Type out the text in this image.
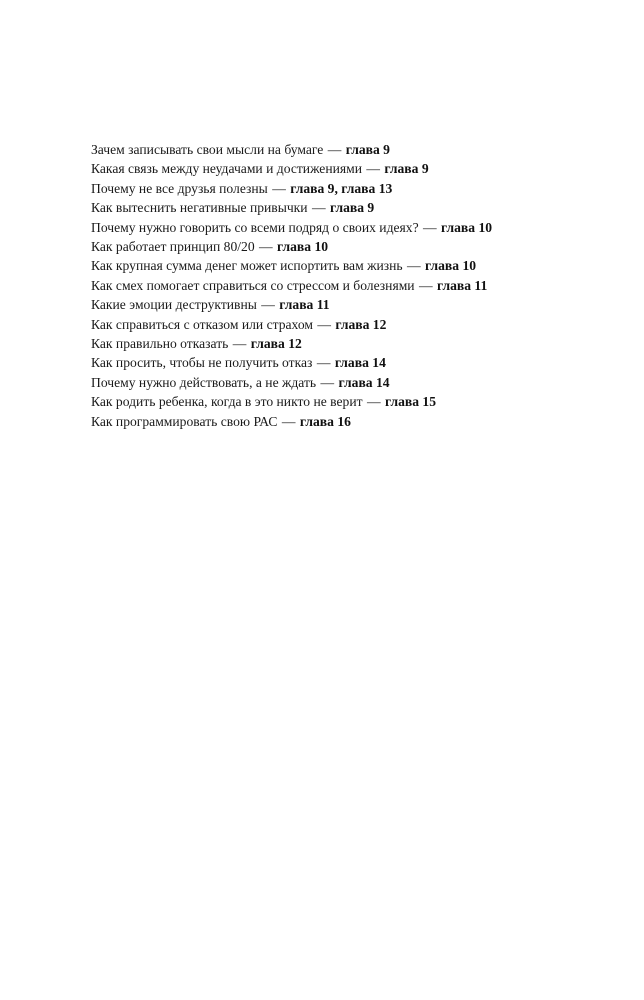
Зачем записывать свои мысли на бумаге — глава 9
Какая связь между неудачами и достижениями — глава 9
Почему не все друзья полезны — глава 9, глава 13
Как вытеснить негативные привычки — глава 9
Почему нужно говорить со всеми подряд о своих идеях? — глава 10
Как работает принцип 80/20 — глава 10
Как крупная сумма денег может испортить вам жизнь — глава 10
Как смех помогает справиться со стрессом и болезнями — глава 11
Какие эмоции деструктивны — глава 11
Как справиться с отказом или страхом — глава 12
Как правильно отказать — глава 12
Как просить, чтобы не получить отказ — глава 14
Почему нужно действовать, а не ждать — глава 14
Как родить ребенка, когда в это никто не верит — глава 15
Как программировать свою РАС — глава 16
